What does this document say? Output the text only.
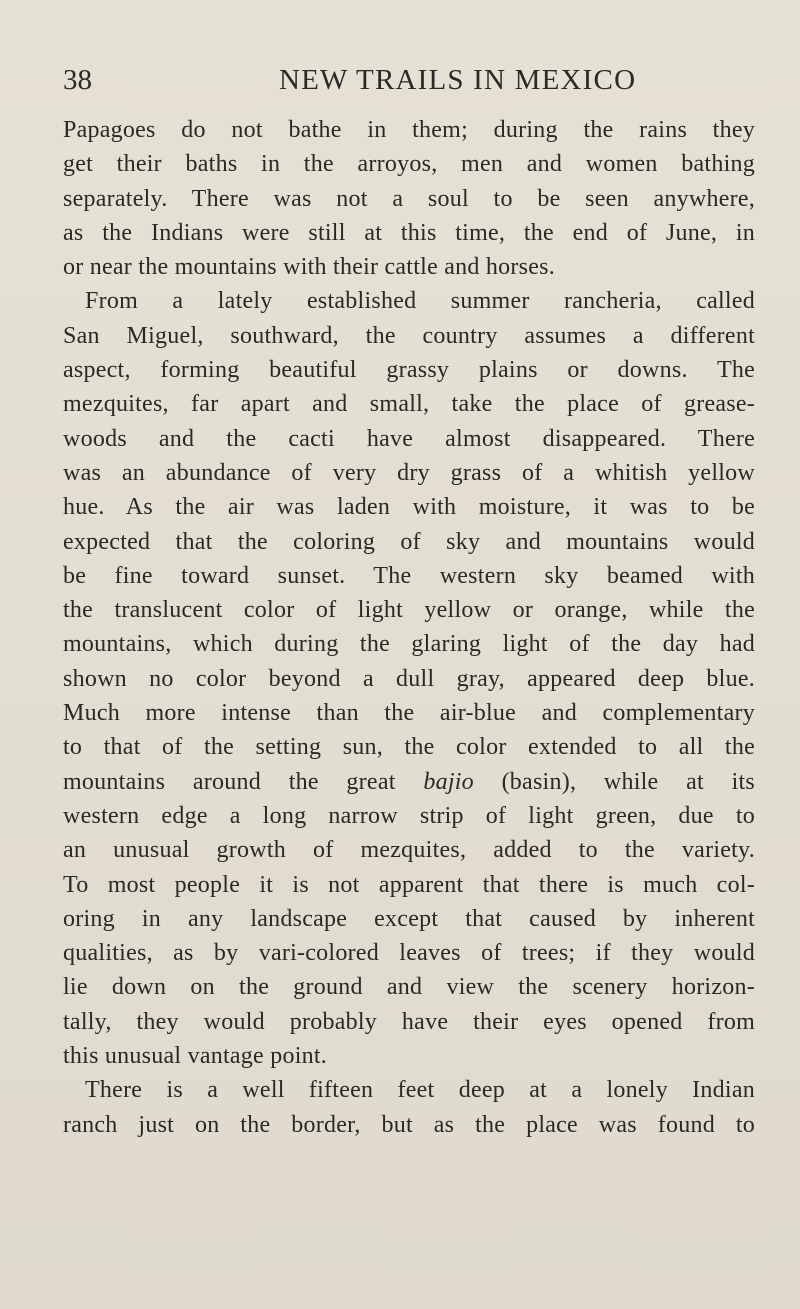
38	NEW TRAILS IN MEXICO
Papagoes do not bathe in them; during the rains they
get their baths in the arroyos, men and women bathing
separately. There was not a soul to be seen anywhere,
as the Indians were still at this time, the end of June, in
or near the mountains with their cattle and horses.
From a lately established summer rancheria, called
San Miguel, southward, the country assumes a different
aspect, forming beautiful grassy plains or downs. The
mezquites, far apart and small, take the place of grease-
woods and the cacti have almost disappeared. There
was an abundance of very dry grass of a whitish yellow
hue. As the air was laden with moisture, it was to be
expected that the coloring of sky and mountains would
be fine toward sunset. The western sky beamed with
the translucent color of light yellow or orange, while the
mountains, which during the glaring light of the day had
shown no color beyond a dull gray, appeared deep blue.
Much more intense than the air-blue and complementary
to that of the setting sun, the color extended to all the
mountains around the great bajio (basin), while at its
western edge a long narrow strip of light green, due to
an unusual growth of mezquites, added to the variety.
To most people it is not apparent that there is much col-
oring in any landscape except that caused by inherent
qualities, as by vari-colored leaves of trees; if they would
lie down on the ground and view the scenery horizon-
tally, they would probably have their eyes opened from
this unusual vantage point.
There is a well fifteen feet deep at a lonely Indian
ranch just on the border, but as the place was found to
